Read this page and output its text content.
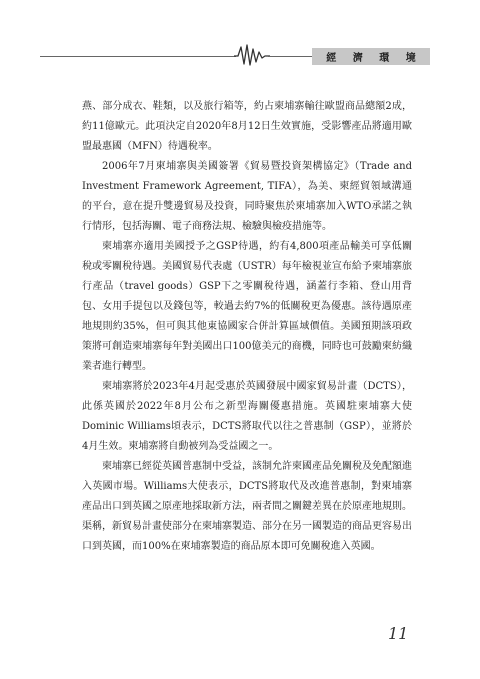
經 濟 環 境

燕、部分成衣、鞋類，以及旅行箱等，約占柬埔寨輸往歐盟商品總額2成，約11億歐元。此項決定自2020年8月12日生效實施，受影響產品將適用歐盟最惠國（MFN）待遇稅率。

2006年7月柬埔寨與美國簽署《貿易暨投資架構協定》（Trade and Investment Framework Agreement, TIFA），為美、柬經貿領域溝通的平台，意在提升雙邊貿易及投資，同時聚焦於柬埔寨加入WTO承諾之執行情形，包括海關、電子商務法規、檢驗與檢疫措施等。

柬埔寨亦適用美國授予之GSP待遇，約有4,800項產品輸美可享低關稅或零關稅待遇。美國貿易代表處（USTR）每年檢視並宣布給予柬埔寨旅行產品（travel goods）GSP下之零關稅待遇，涵蓋行李箱、登山用背包、女用手提包以及錢包等，較過去約7%的低關稅更為優惠。該待遇原產地規則約35%，但可與其他東協國家合併計算區域價值。美國預期該項政策將可創造柬埔寨每年對美國出口100億美元的商機，同時也可鼓勵柬紡織業者進行轉型。

柬埔寨將於2023年4月起受惠於英國發展中國家貿易計畫（DCTS），此係英國於2022年8月公布之新型海關優惠措施。英國駐柬埔寨大使Dominic Williams頃表示，DCTS將取代以往之普惠制（GSP），並將於4月生效。柬埔寨將自動被列為受益國之一。

柬埔寨已經從英國普惠制中受益，該制允許柬國產品免關稅及免配額進入英國市場。Williams大使表示，DCTS將取代及改進普惠制，對柬埔寨產品出口到英國之原產地採取新方法，兩者間之關鍵差異在於原產地規則。渠稱，新貿易計畫使部分在柬埔寨製造、部分在另一國製造的商品更容易出口到英國，而100%在柬埔寨製造的商品原本即可免關稅進入英國。

11
